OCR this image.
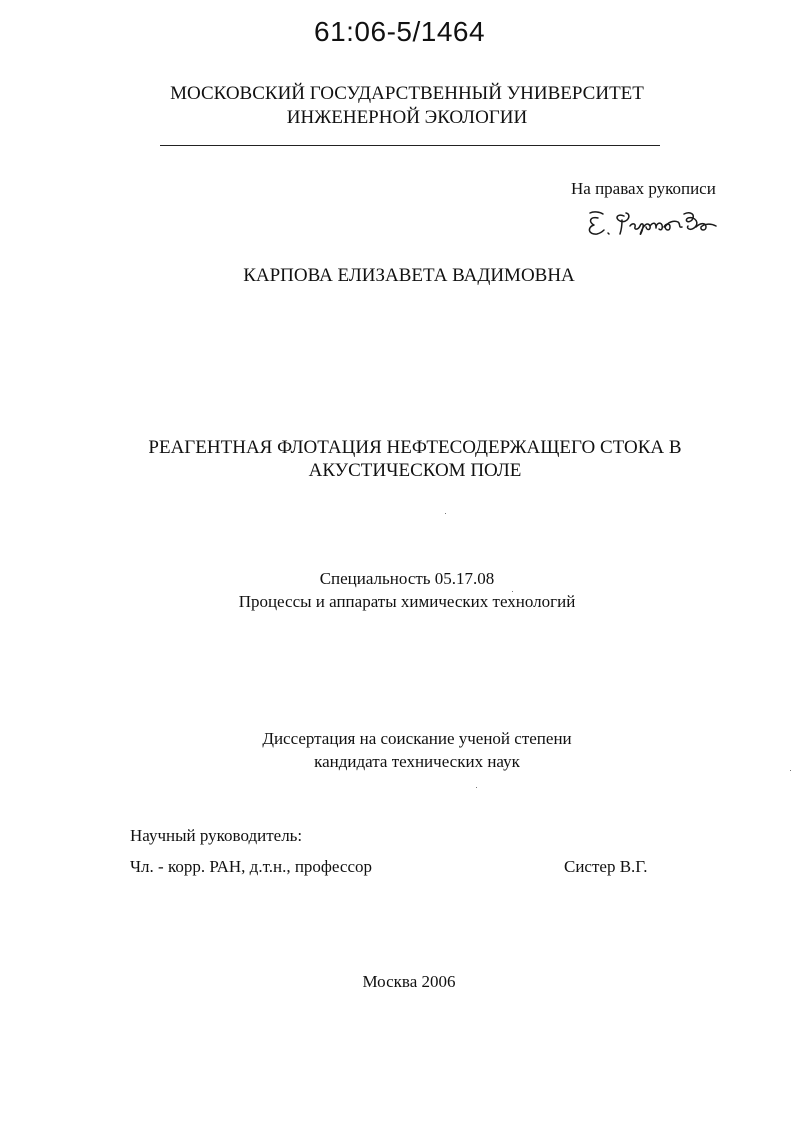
61:06-5/1464
МОСКОВСКИЙ ГОСУДАРСТВЕННЫЙ УНИВЕРСИТЕТ
ИНЖЕНЕРНОЙ ЭКОЛОГИИ
На правах рукописи
КАРПОВА ЕЛИЗАВЕТА ВАДИМОВНА
РЕАГЕНТНАЯ ФЛОТАЦИЯ НЕФТЕСОДЕРЖАЩЕГО СТОКА В
АКУСТИЧЕСКОМ ПОЛЕ
Специальность 05.17.08
Процессы и аппараты химических технологий
Диссертация на соискание ученой степени
кандидата технических наук
Научный руководитель:
Чл. - корр. РАН, д.т.н., профессор	Систер В.Г.
Москва 2006
